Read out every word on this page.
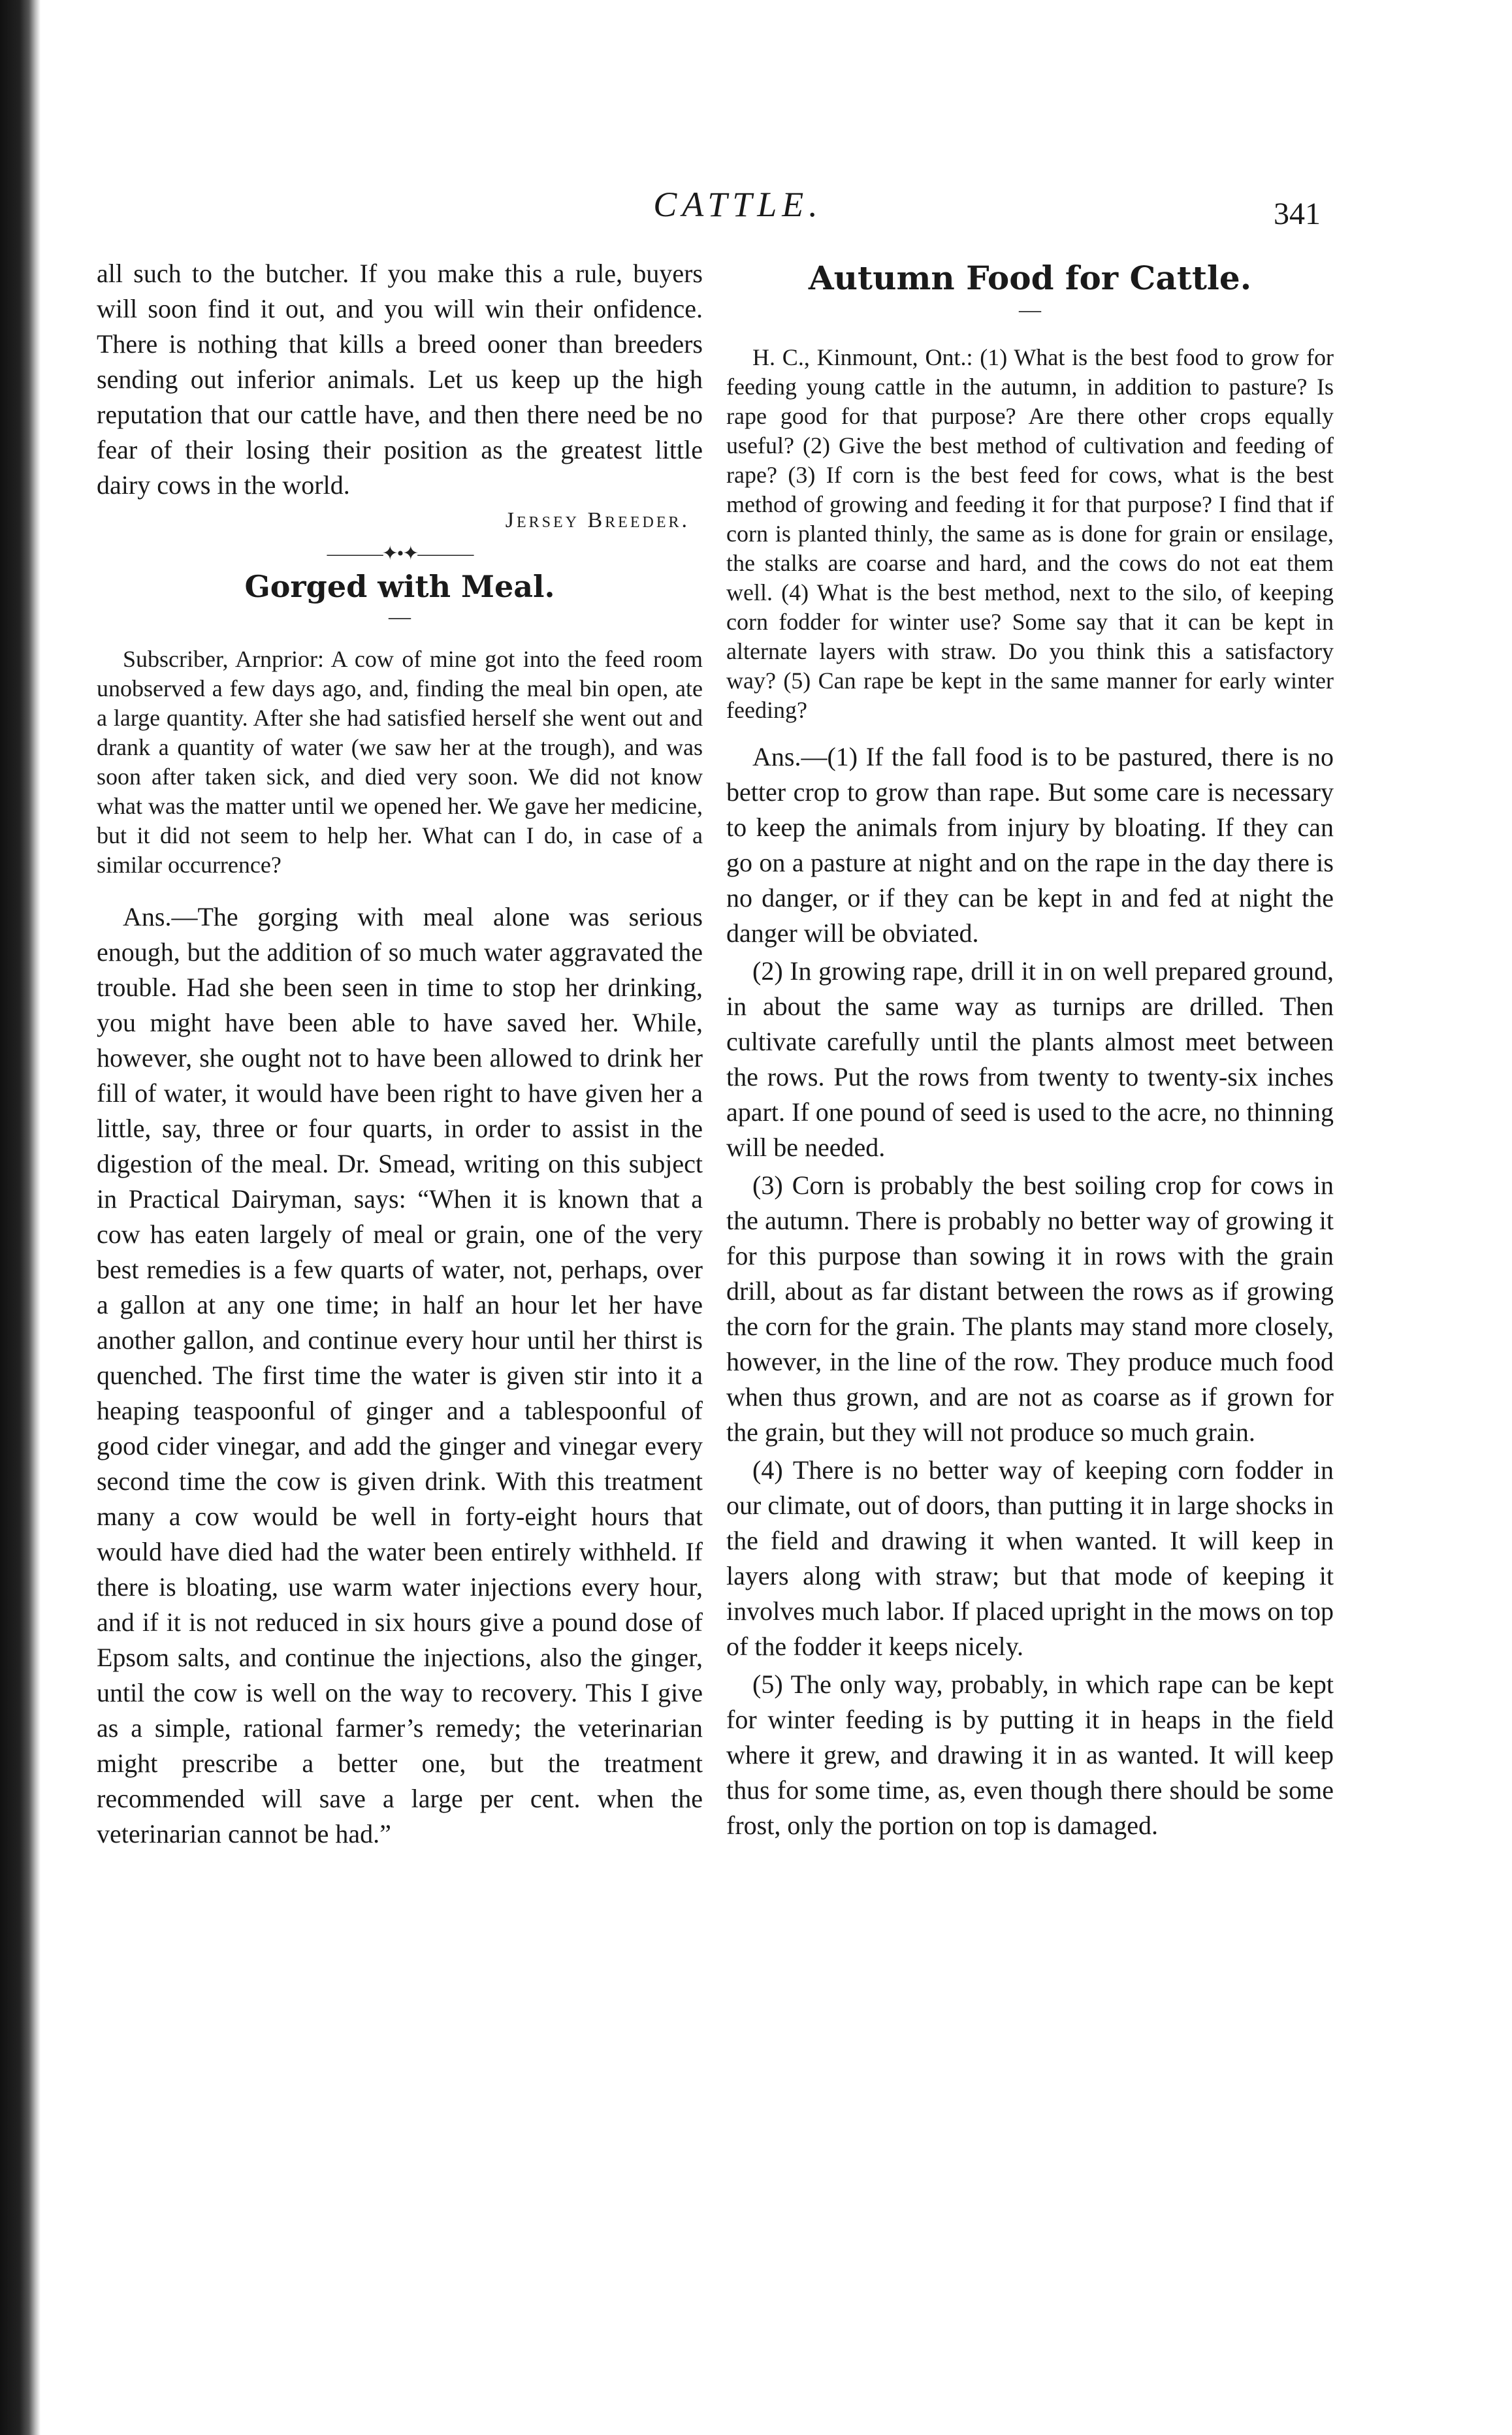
CATTLE.	341

all such to the butcher. If you make this a rule, buyers will soon find it out, and you will win their onfidence. There is nothing that kills a breed ooner than breeders sending out inferior animals. Let us keep up the high reputation that our cattle have, and then there need be no fear of their losing their position as the greatest little dairy cows in the world.

Jersey Breeder.
———✦•✦———
Gorged with Meal.
—

Subscriber, Arnprior: A cow of mine got into the feed room unobserved a few days ago, and, finding the meal bin open, ate a large quantity. After she had satisfied herself she went out and drank a quantity of water (we saw her at the trough), and was soon after taken sick, and died very soon. We did not know what was the matter until we opened her. We gave her medicine, but it did not seem to help her. What can I do, in case of a similar occurrence?

Ans.—The gorging with meal alone was serious enough, but the addition of so much water aggravated the trouble. Had she been seen in time to stop her drinking, you might have been able to have saved her. While, however, she ought not to have been allowed to drink her fill of water, it would have been right to have given her a little, say, three or four quarts, in order to assist in the digestion of the meal. Dr. Smead, writing on this subject in Practical Dairyman, says: “When it is known that a cow has eaten largely of meal or grain, one of the very best remedies is a few quarts of water, not, perhaps, over a gallon at any one time; in half an hour let her have another gallon, and continue every hour until her thirst is quenched. The first time the water is given stir into it a heaping teaspoonful of ginger and a tablespoonful of good cider vinegar, and add the ginger and vinegar every second time the cow is given drink. With this treatment many a cow would be well in forty-eight hours that would have died had the water been entirely withheld. If there is bloating, use warm water injections every hour, and if it is not reduced in six hours give a pound dose of Epsom salts, and continue the injections, also the ginger, until the cow is well on the way to recovery. This I give as a simple, rational farmer’s remedy; the veterinarian might prescribe a better one, but the treatment recommended will save a large per cent. when the veterinarian cannot be had.”

Autumn Food for Cattle.
—

H. C., Kinmount, Ont.: (1) What is the best food to grow for feeding young cattle in the autumn, in addition to pasture? Is rape good for that purpose? Are there other crops equally useful? (2) Give the best method of cultivation and feeding of rape? (3) If corn is the best feed for cows, what is the best method of growing and feeding it for that purpose? I find that if corn is planted thinly, the same as is done for grain or ensilage, the stalks are coarse and hard, and the cows do not eat them well. (4) What is the best method, next to the silo, of keeping corn fodder for winter use? Some say that it can be kept in alternate layers with straw. Do you think this a satisfactory way? (5) Can rape be kept in the same manner for early winter feeding?

Ans.—(1) If the fall food is to be pastured, there is no better crop to grow than rape. But some care is necessary to keep the animals from injury by bloating. If they can go on a pasture at night and on the rape in the day there is no danger, or if they can be kept in and fed at night the danger will be obviated.

(2) In growing rape, drill it in on well prepared ground, in about the same way as turnips are drilled. Then cultivate carefully until the plants almost meet between the rows. Put the rows from twenty to twenty-six inches apart. If one pound of seed is used to the acre, no thinning will be needed.

(3) Corn is probably the best soiling crop for cows in the autumn. There is probably no better way of growing it for this purpose than sowing it in rows with the grain drill, about as far distant between the rows as if growing the corn for the grain. The plants may stand more closely, however, in the line of the row. They produce much food when thus grown, and are not as coarse as if grown for the grain, but they will not produce so much grain.

(4) There is no better way of keeping corn fodder in our climate, out of doors, than putting it in large shocks in the field and drawing it when wanted. It will keep in layers along with straw; but that mode of keeping it involves much labor. If placed upright in the mows on top of the fodder it keeps nicely.

(5) The only way, probably, in which rape can be kept for winter feeding is by putting it in heaps in the field where it grew, and drawing it in as wanted. It will keep thus for some time, as, even though there should be some frost, only the portion on top is damaged.
